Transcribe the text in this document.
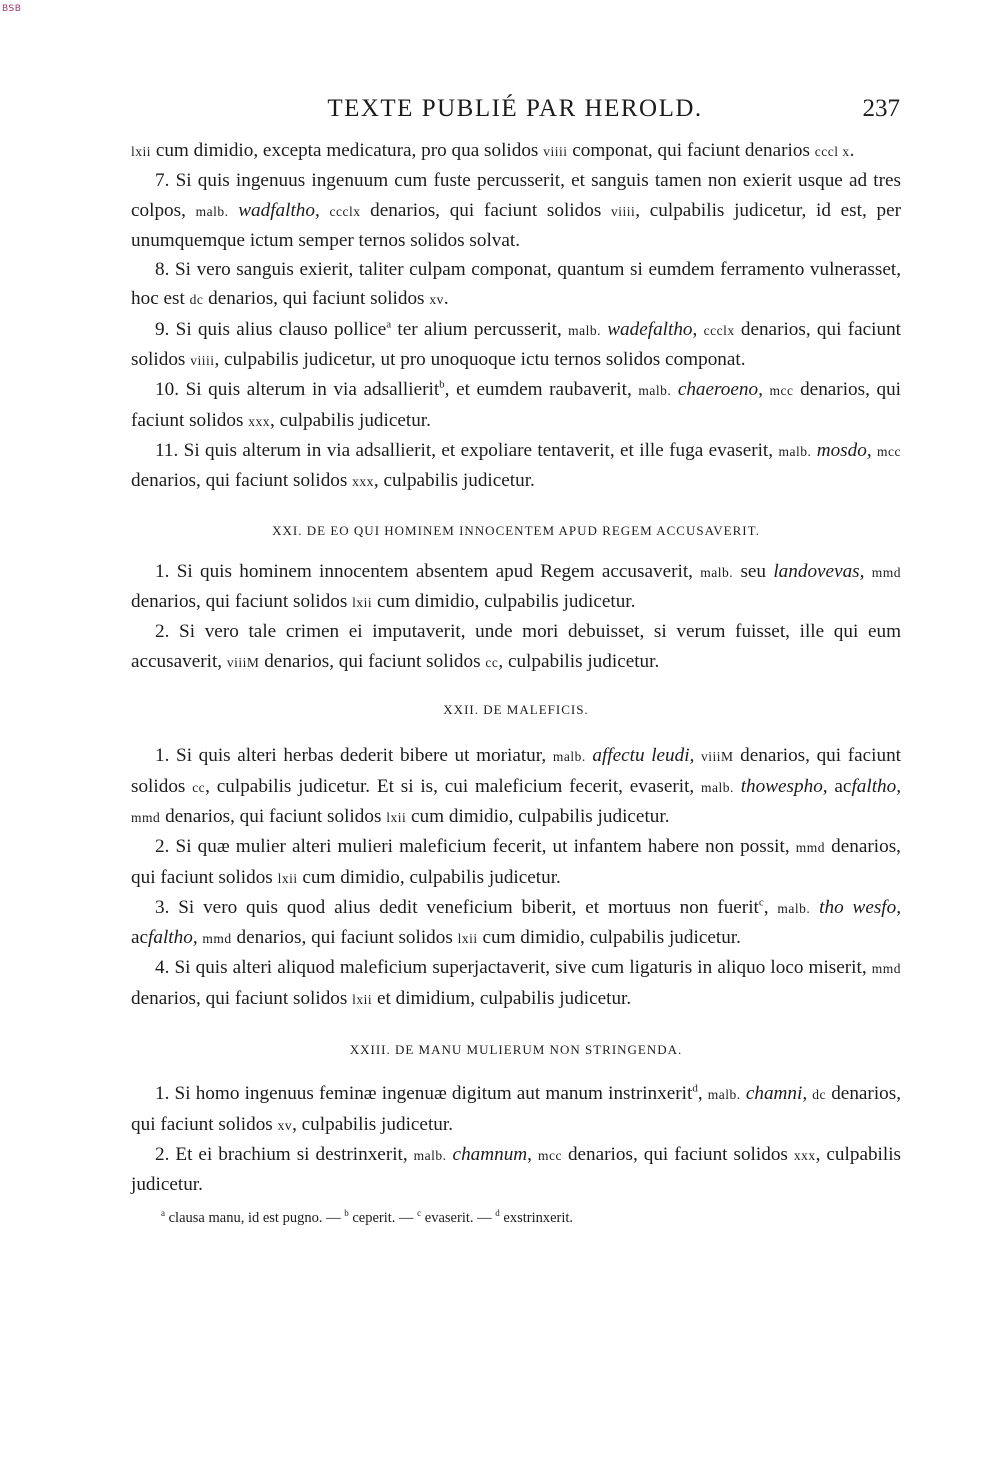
BSB
TEXTE PUBLIÉ PAR HEROLD.	237

lxii cum dimidio, excepta medicatura, pro qua solidos viiii componat, qui faciunt denarios cccl x.

7. Si quis ingenuus ingenuum cum fuste percusserit, et sanguis tamen non exierit usque ad tres colpos, malb. wadfaltho, ccclx denarios, qui faciunt solidos viiii, culpabilis judicetur, id est, per unumquemque ictum semper ternos solidos solvat.

8. Si vero sanguis exierit, taliter culpam componat, quantum si eumdem ferramento vulnerasset, hoc est dc denarios, qui faciunt solidos xv.

9. Si quis alius clauso pollice$^a$ ter alium percusserit, malb. wadefaltho, ccclx denarios, qui faciunt solidos viiii, culpabilis judicetur, ut pro unoquoque ictu ternos solidos componat.

10. Si quis alterum in via adsallierit$^b$, et eumdem raubaverit, malb. chaeroeno, mcc denarios, qui faciunt solidos xxx, culpabilis judicetur.

11. Si quis alterum in via adsallierit, et expoliare tentaverit, et ille fuga evaserit, malb. mosdo, mcc denarios, qui faciunt solidos xxx, culpabilis judicetur.

XXI. DE EO QUI HOMINEM INNOCENTEM APUD REGEM ACCUSAVERIT.

1. Si quis hominem innocentem absentem apud Regem accusaverit, malb. seu landovevas, mmd denarios, qui faciunt solidos lxii cum dimidio, culpabilis judicetur.

2. Si vero tale crimen ei imputaverit, unde mori debuisset, si verum fuisset, ille qui eum accusaverit, viiiM denarios, qui faciunt solidos cc, culpabilis judicetur.

XXII. DE MALEFICIS.

1. Si quis alteri herbas dederit bibere ut moriatur, malb. affectu leudi, viiiM denarios, qui faciunt solidos cc, culpabilis judicetur. Et si is, cui maleficium fecerit, evaserit, malb. thowespho, acfaltho, mmd denarios, qui faciunt solidos lxii cum dimidio, culpabilis judicetur.

2. Si quæ mulier alteri mulieri maleficium fecerit, ut infantem habere non possit, mmd denarios, qui faciunt solidos lxii cum dimidio, culpabilis judicetur.

3. Si vero quis quod alius dedit veneficium biberit, et mortuus non fuerit$^c$, malb. tho wesfo, acfaltho, mmd denarios, qui faciunt solidos lxii cum dimidio, culpabilis judicetur.

4. Si quis alteri aliquod maleficium superjactaverit, sive cum ligaturis in aliquo loco miserit, mmd denarios, qui faciunt solidos lxii et dimidium, culpabilis judicetur.

XXIII. DE MANU MULIERUM NON STRINGENDA.

1. Si homo ingenuus feminæ ingenuæ digitum aut manum instrinxerit$^d$, malb. chamni, dc denarios, qui faciunt solidos xv, culpabilis judicetur.

2. Et ei brachium si destrinxerit, malb. chamnum, mcc denarios, qui faciunt solidos xxx, culpabilis judicetur.

$^a$ clausa manu, id est pugno. — $^b$ ceperit. — $^c$ evaserit. — $^d$ exstrinxerit.
